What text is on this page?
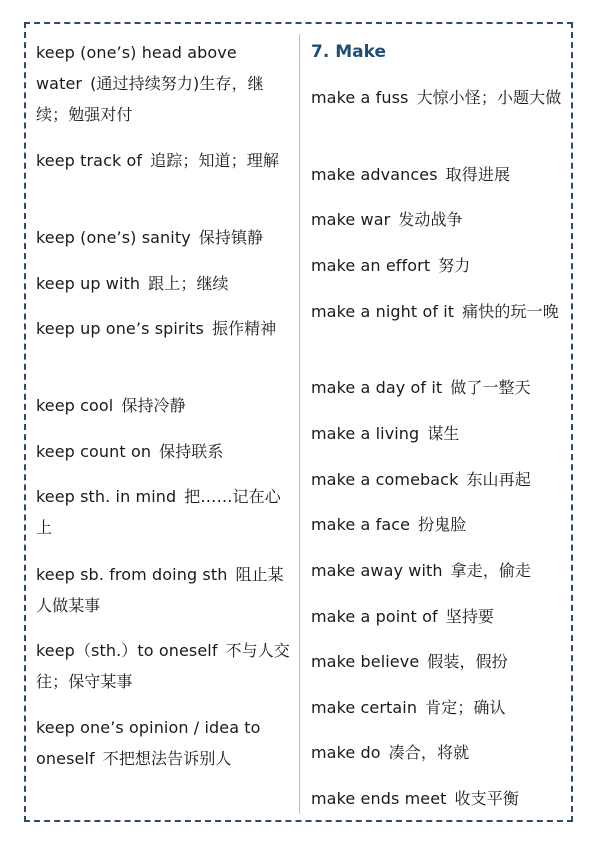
keep (one’s) head above water (通过持续努力)生存，继续；勉强对付
keep track of 追踪；知道；理解
keep (one’s) sanity 保持镇静
keep up with 跟上；继续
keep up one’s spirits 振作精神
keep cool 保持冷静
keep count on 保持联系
keep sth. in mind 把……记在心上
keep sb. from doing sth 阻止某人做某事
keep（sth.）to oneself 不与人交往；保守某事
keep one’s opinion / idea to oneself 不把想法告诉别人
7. Make
make a fuss 大惊小怪；小题大做
make advances 取得进展
make war 发动战争
make an effort 努力
make a night of it 痛快的玩一晚
make a day of it 做了一整天
make a living 谋生
make a comeback 东山再起
make a face 扮鬼脸
make away with 拿走，偷走
make a point of 坚持要
make believe 假装，假扮
make certain 肯定；确认
make do 凑合，将就
make ends meet 收支平衡
